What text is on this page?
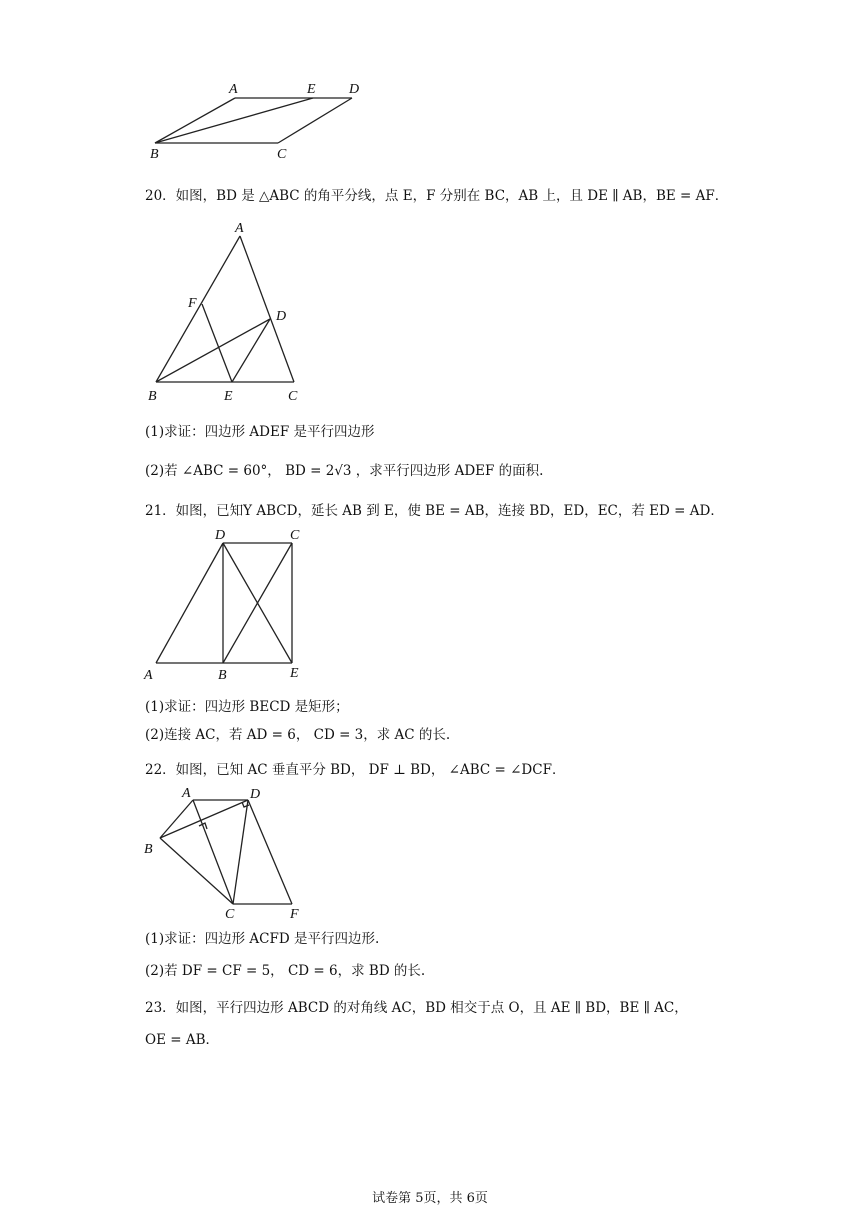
A	E D
B	C
20．如图，BD 是 △ABC 的角平分线，点 E，F 分别在 BC，AB 上，且 DE ∥ AB，BE = AF．
A
F
D
B	E	C
(1)求证：四边形 ADEF 是平行四边形
(2)若 ∠ABC = 60°， BD = 2√3 ，求平行四边形 ADEF 的面积.
21．如图，已知Y ABCD，延长 AB 到 E，使 BE = AB，连接 BD，ED，EC，若 ED = AD．
D	C
A	B	E
(1)求证：四边形 BECD 是矩形；
(2)连接 AC，若 AD = 6， CD = 3，求 AC 的长.
22．如图，已知 AC 垂直平分 BD， DF ⊥ BD， ∠ABC = ∠DCF．
A	D
B
C	F
(1)求证：四边形 ACFD 是平行四边形.
(2)若 DF = CF = 5， CD = 6，求 BD 的长.
23．如图，平行四边形 ABCD 的对角线 AC，BD 相交于点 O，且 AE ∥ BD，BE ∥ AC，
OE = AB．
试卷第 5页，共 6页
